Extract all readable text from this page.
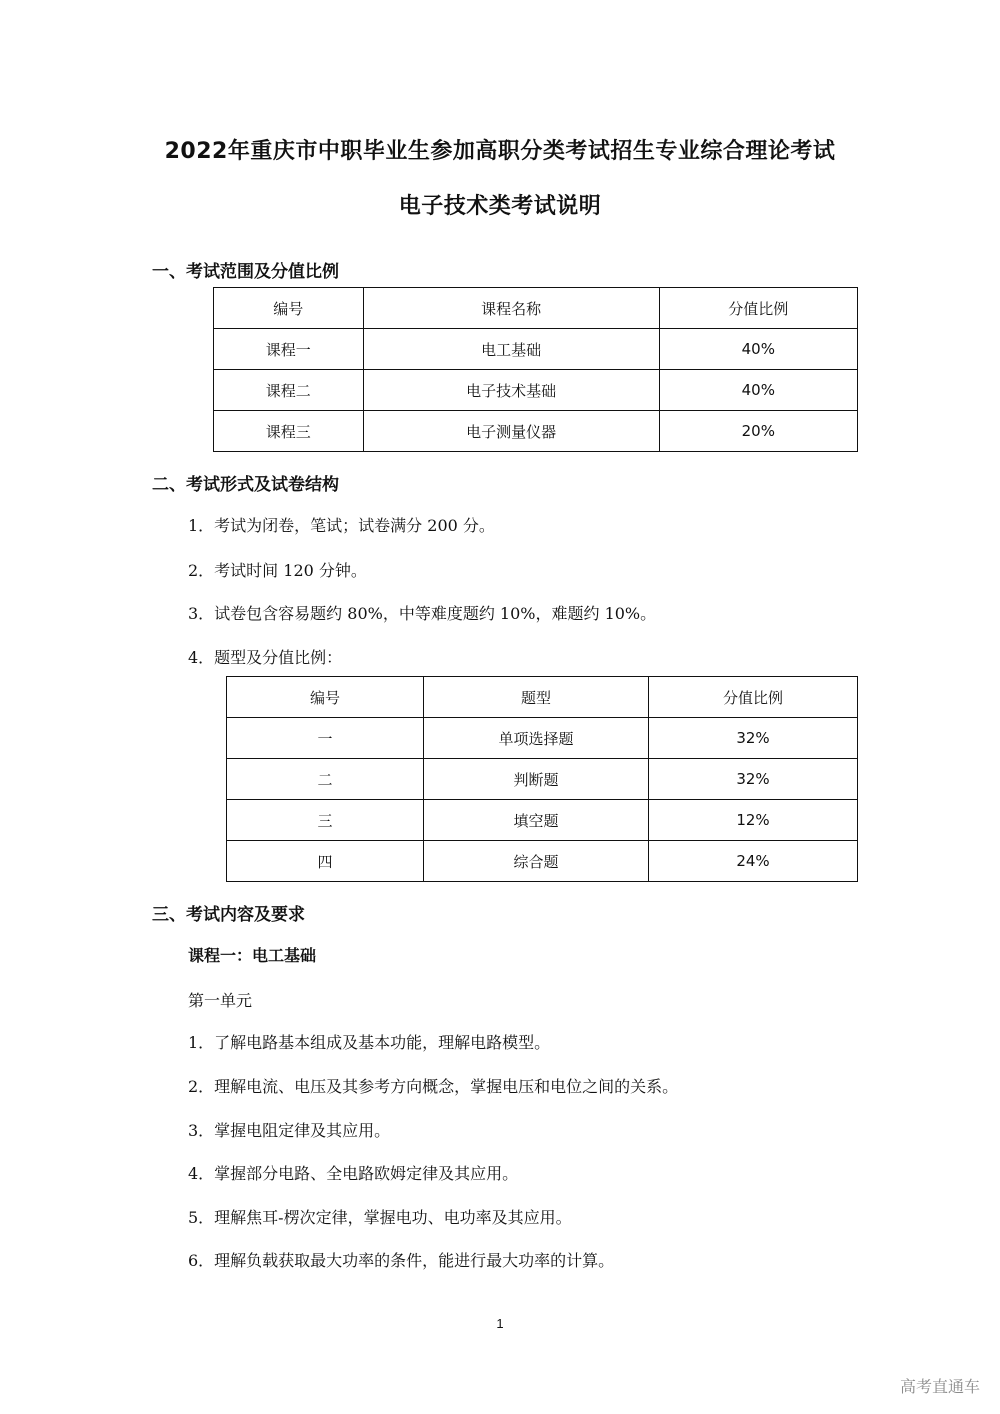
2022年重庆市中职毕业生参加高职分类考试招生专业综合理论考试
电子技术类考试说明
一、考试范围及分值比例
编号	课程名称	分值比例
课程一	电工基础	40%
课程二	电子技术基础	40%
课程三	电子测量仪器	20%
二、考试形式及试卷结构
1．考试为闭卷，笔试；试卷满分 200 分。
2．考试时间 120 分钟。
3．试卷包含容易题约 80%，中等难度题约 10%，难题约 10%。
4．题型及分值比例：
编号	题型	分值比例
一	单项选择题	32%
二	判断题	32%
三	填空题	12%
四	综合题	24%
三、考试内容及要求
课程一：电工基础
第一单元
1．了解电路基本组成及基本功能，理解电路模型。
2．理解电流、电压及其参考方向概念，掌握电压和电位之间的关系。
3．掌握电阻定律及其应用。
4．掌握部分电路、全电路欧姆定律及其应用。
5．理解焦耳-楞次定律，掌握电功、电功率及其应用。
6．理解负载获取最大功率的条件，能进行最大功率的计算。
1
高考直通车
